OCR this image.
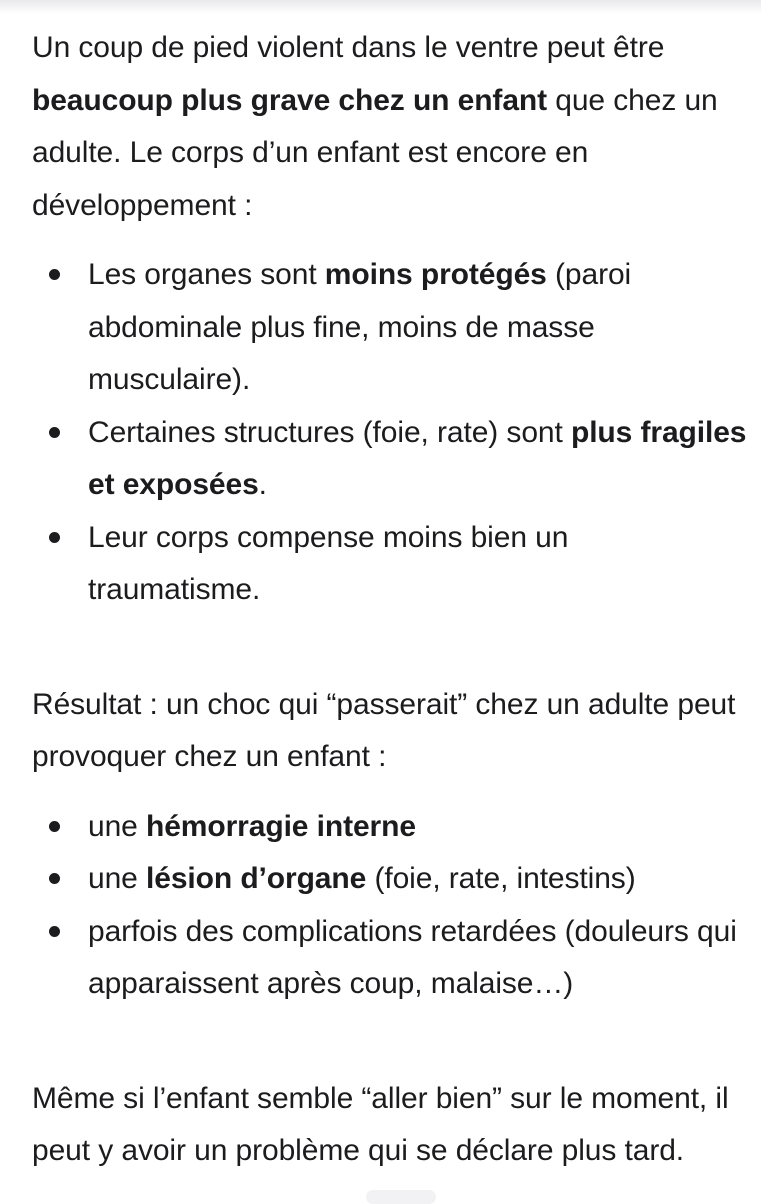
Un coup de pied violent dans le ventre peut être beaucoup plus grave chez un enfant que chez un adulte. Le corps d’un enfant est encore en développement :

Les organes sont moins protégés (paroi abdominale plus fine, moins de masse musculaire).
Certaines structures (foie, rate) sont plus fragiles et exposées.
Leur corps compense moins bien un traumatisme.

Résultat : un choc qui “passerait” chez un adulte peut provoquer chez un enfant :

une hémorragie interne
une lésion d’organe (foie, rate, intestins)
parfois des complications retardées (douleurs qui apparaissent après coup, malaise…)

Même si l’enfant semble “aller bien” sur le moment, il peut y avoir un problème qui se déclare plus tard.
